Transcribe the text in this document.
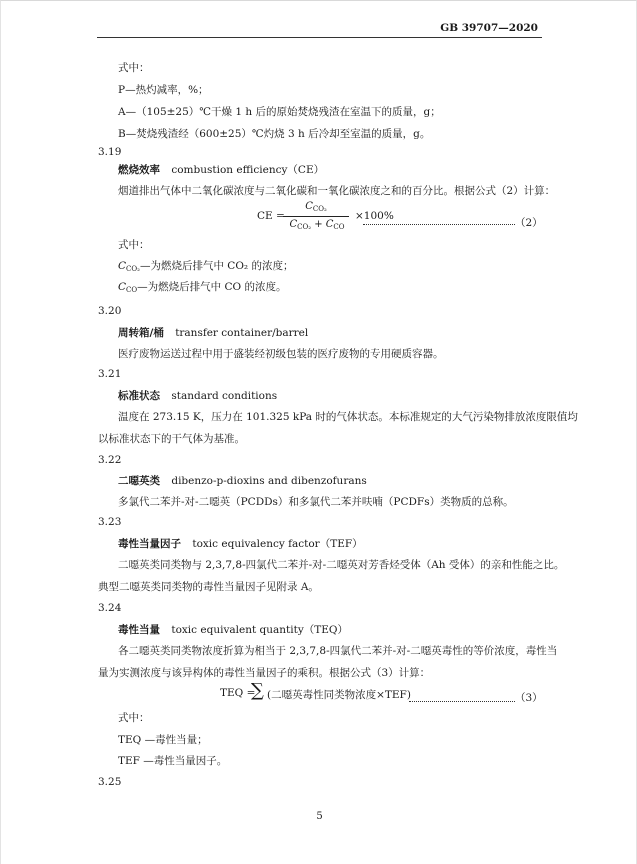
GB 39707—2020
式中：
P—热灼减率，%；
A—（105±25）℃干燥 1 h 后的原始焚烧残渣在室温下的质量，g；
B—焚烧残渣经（600±25）℃灼烧 3 h 后冷却至室温的质量，g。
3.19
燃烧效率 combustion efficiency（CE）
烟道排出气体中二氧化碳浓度与二氧化碳和一氧化碳浓度之和的百分比。根据公式（2）计算：
CE =
$C_{CO_2}$
$C_{CO_2} + C_{CO}$
×100%
（2）
式中：
$C_{CO_2}—$为燃烧后排气中 CO₂ 的浓度；
$C_{CO}—$为燃烧后排气中 CO 的浓度。
3.20
周转箱/桶 transfer container/barrel
医疗废物运送过程中用于盛装经初级包装的医疗废物的专用硬质容器。
3.21
标准状态 standard conditions
温度在 273.15 K，压力在 101.325 kPa 时的气体状态。本标准规定的大气污染物排放浓度限值均
以标准状态下的干气体为基准。
3.22
二噁英类 dibenzo-p-dioxins and dibenzofurans
多氯代二苯并-对-二噁英（PCDDs）和多氯代二苯并呋喃（PCDFs）类物质的总称。
3.23
毒性当量因子 toxic equivalency factor（TEF）
二噁英类同类物与 2,3,7,8-四氯代二苯并-对-二噁英对芳香烃受体（Ah 受体）的亲和性能之比。
典型二噁英类同类物的毒性当量因子见附录 A。
3.24
毒性当量 toxic equivalent quantity（TEQ）
各二噁英类同类物浓度折算为相当于 2,3,7,8-四氯代二苯并-对-二噁英毒性的等价浓度，毒性当
量为实测浓度与该异构体的毒性当量因子的乘积。根据公式（3）计算：
TEQ =
∑ (二噁英毒性同类物浓度×TEF)	（3）
式中：
TEQ —毒性当量；
TEF —毒性当量因子。
3.25
5
